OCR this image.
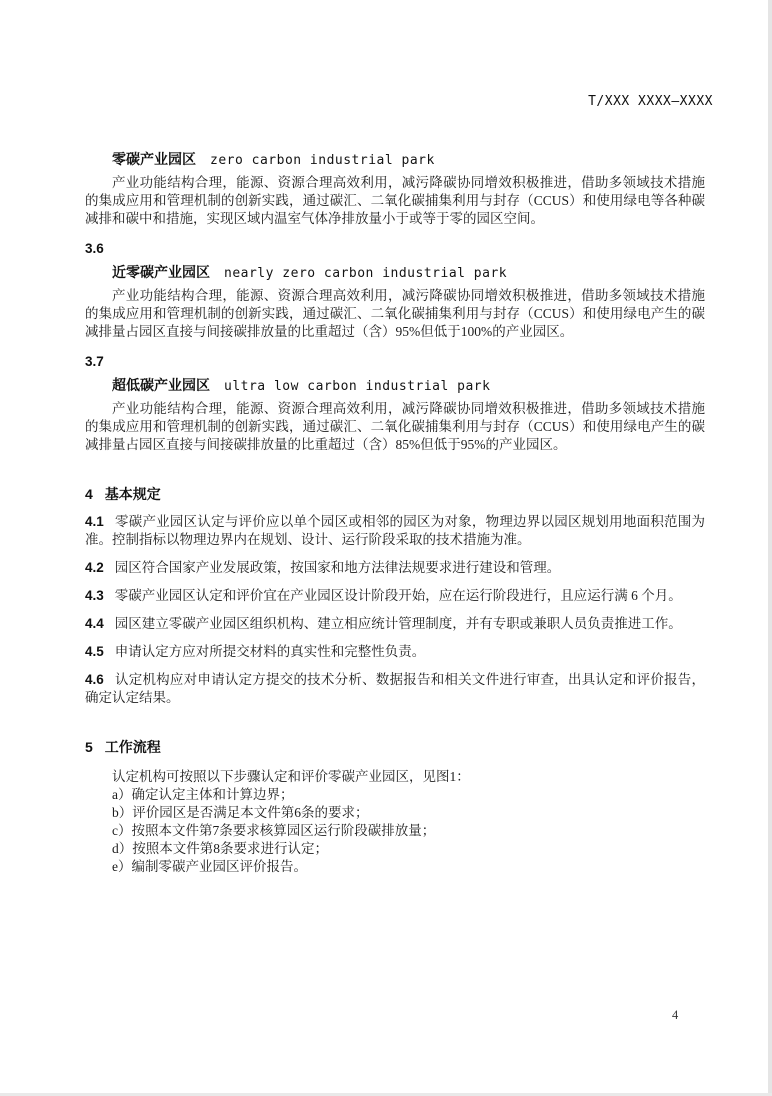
T/XXX XXXX—XXXX

零碳产业园区 zero carbon industrial park

产业功能结构合理，能源、资源合理高效利用，减污降碳协同增效积极推进，借助多领域技术措施的集成应用和管理机制的创新实践，通过碳汇、二氧化碳捕集利用与封存（CCUS）和使用绿电等各种碳减排和碳中和措施，实现区域内温室气体净排放量小于或等于零的园区空间。

3.6

近零碳产业园区 nearly zero carbon industrial park

产业功能结构合理，能源、资源合理高效利用，减污降碳协同增效积极推进，借助多领域技术措施的集成应用和管理机制的创新实践，通过碳汇、二氧化碳捕集利用与封存（CCUS）和使用绿电产生的碳减排量占园区直接与间接碳排放量的比重超过（含）95%但低于100%的产业园区。

3.7

超低碳产业园区 ultra low carbon industrial park

产业功能结构合理，能源、资源合理高效利用，减污降碳协同增效积极推进，借助多领域技术措施的集成应用和管理机制的创新实践，通过碳汇、二氧化碳捕集利用与封存（CCUS）和使用绿电产生的碳减排量占园区直接与间接碳排放量的比重超过（含）85%但低于95%的产业园区。

4 基本规定

4.1 零碳产业园区认定与评价应以单个园区或相邻的园区为对象，物理边界以园区规划用地面积范围为准。控制指标以物理边界内在规划、设计、运行阶段采取的技术措施为准。

4.2 园区符合国家产业发展政策，按国家和地方法律法规要求进行建设和管理。

4.3 零碳产业园区认定和评价宜在产业园区设计阶段开始，应在运行阶段进行，且应运行满 6 个月。

4.4 园区建立零碳产业园区组织机构、建立相应统计管理制度，并有专职或兼职人员负责推进工作。

4.5 申请认定方应对所提交材料的真实性和完整性负责。

4.6 认定机构应对申请认定方提交的技术分析、数据报告和相关文件进行审查，出具认定和评价报告，确定认定结果。

5 工作流程

认定机构可按照以下步骤认定和评价零碳产业园区，见图1：

a）确定认定主体和计算边界；
b）评价园区是否满足本文件第6条的要求；
c）按照本文件第7条要求核算园区运行阶段碳排放量；
d）按照本文件第8条要求进行认定；
e）编制零碳产业园区评价报告。
4
